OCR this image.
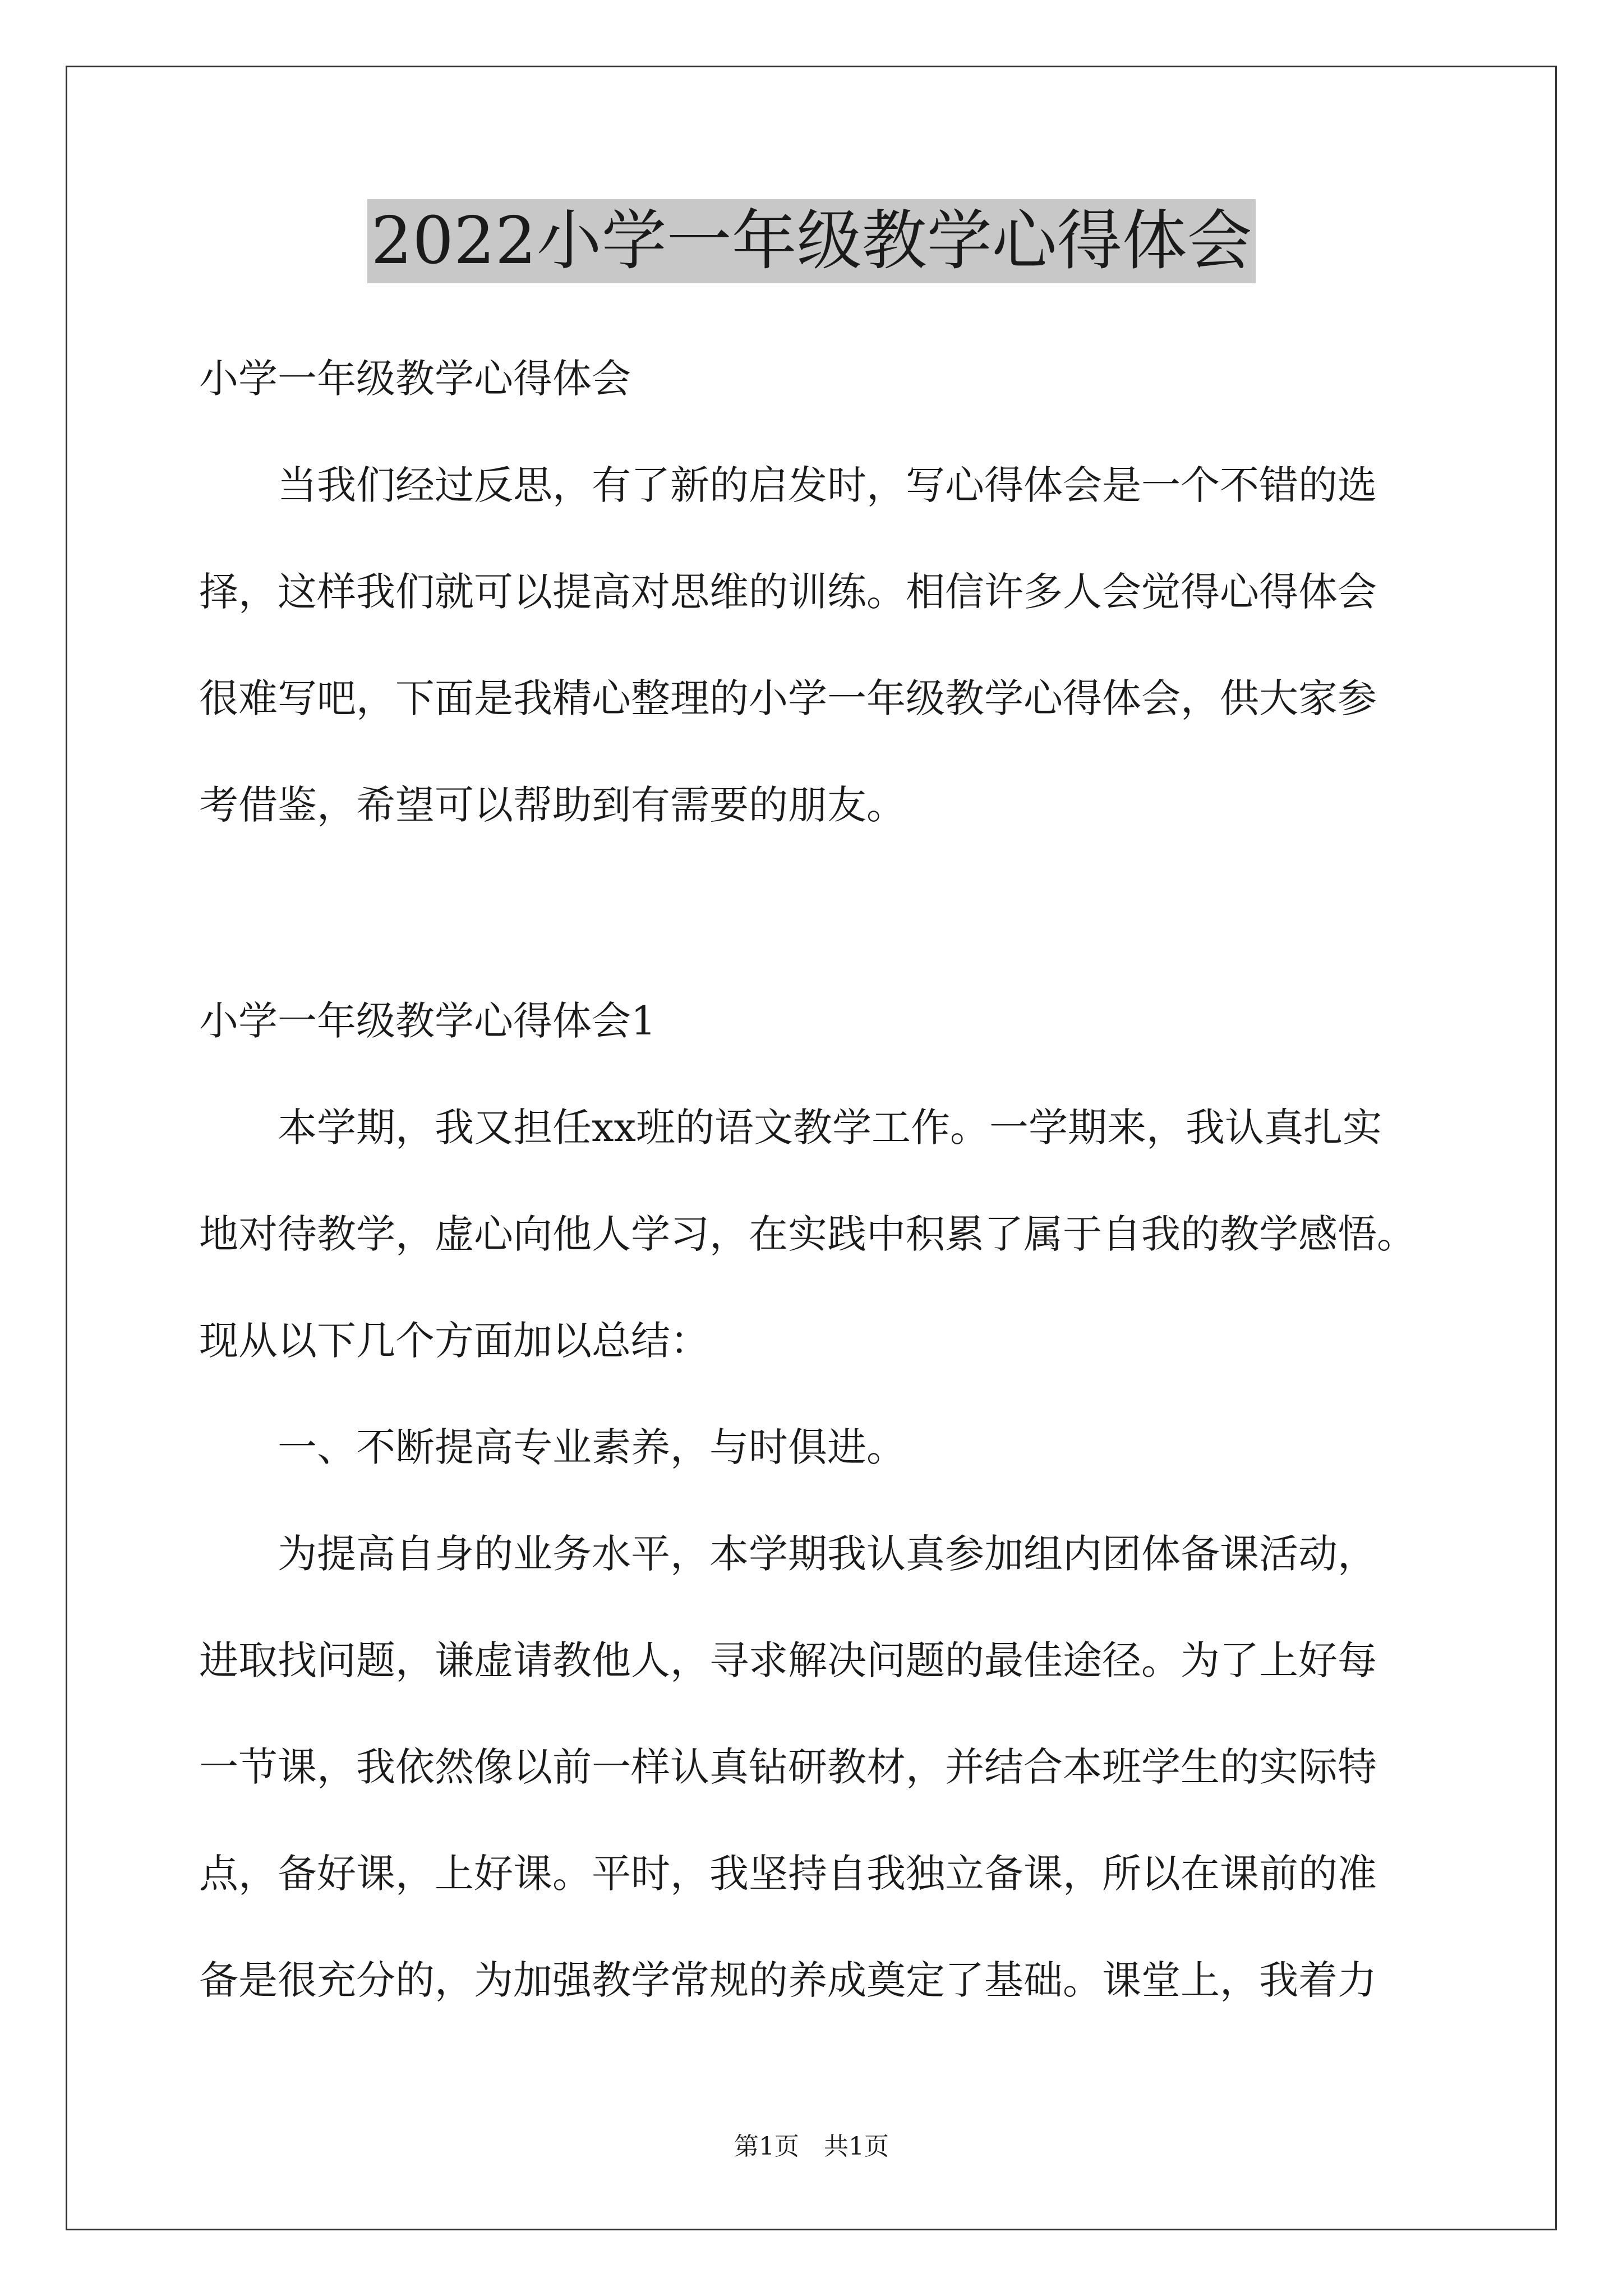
2022小学一年级教学心得体会
小学一年级教学心得体会
　　当我们经过反思，有了新的启发时，写心得体会是一个不错的选
择，这样我们就可以提高对思维的训练。相信许多人会觉得心得体会
很难写吧，下面是我精心整理的小学一年级教学心得体会，供大家参
考借鉴，希望可以帮助到有需要的朋友。
小学一年级教学心得体会1
　　本学期，我又担任xx班的语文教学工作。一学期来，我认真扎实
地对待教学，虚心向他人学习，在实践中积累了属于自我的教学感悟。
现从以下几个方面加以总结：
　　一、不断提高专业素养，与时俱进。
　　为提高自身的业务水平，本学期我认真参加组内团体备课活动，
进取找问题，谦虚请教他人，寻求解决问题的最佳途径。为了上好每
一节课，我依然像以前一样认真钻研教材，并结合本班学生的实际特
点，备好课，上好课。平时，我坚持自我独立备课，所以在课前的准
备是很充分的，为加强教学常规的养成奠定了基础。课堂上，我着力
第1页　共1页
